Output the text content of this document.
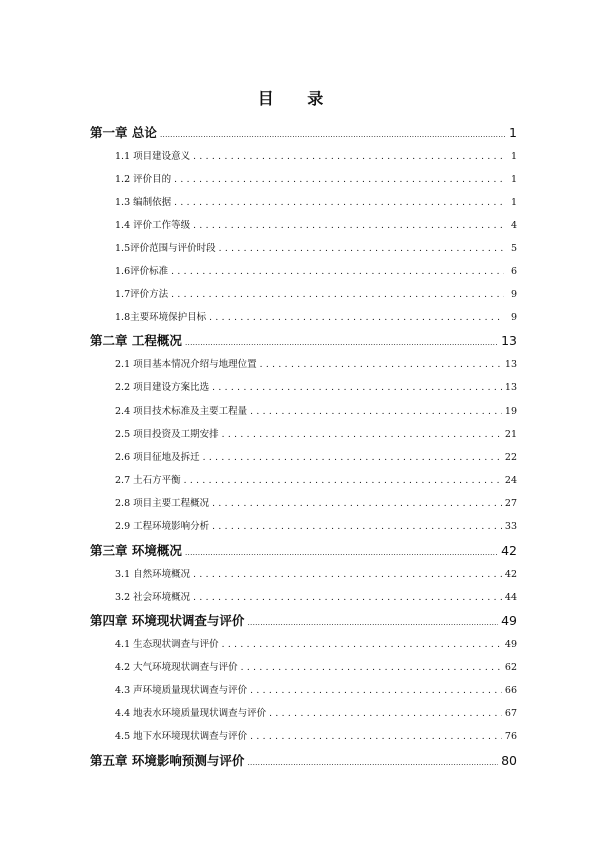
目 录
第一章 总论 .....	1
1.1 项目建设意义 .....	1
1.2 评价目的 .....	1
1.3 编制依据 .....	1
1.4 评价工作等级 .....	4
1.5评价范围与评价时段 .....	5
1.6评价标准 .....	6
1.7评价方法 .....	9
1.8主要环境保护目标 .....	9
第二章 工程概况 .....	13
2.1 项目基本情况介绍与地理位置 .....	13
2.2 项目建设方案比选 .....	13
2.4 项目技术标准及主要工程量 .....	19
2.5 项目投资及工期安排 .....	21
2.6 项目征地及拆迁 .....	22
2.7 土石方平衡 .....	24
2.8 项目主要工程概况 .....	27
2.9 工程环境影响分析 .....	33
第三章 环境概况 .....	42
3.1 自然环境概况 .....	42
3.2 社会环境概况 .....	44
第四章 环境现状调查与评价 .....	49
4.1 生态现状调查与评价 .....	49
4.2 大气环境现状调查与评价 .....	62
4.3 声环境质量现状调查与评价 .....	66
4.4 地表水环境质量现状调查与评价 .....	67
4.5 地下水环境现状调查与评价 .....	76
第五章 环境影响预测与评价 .....	80
